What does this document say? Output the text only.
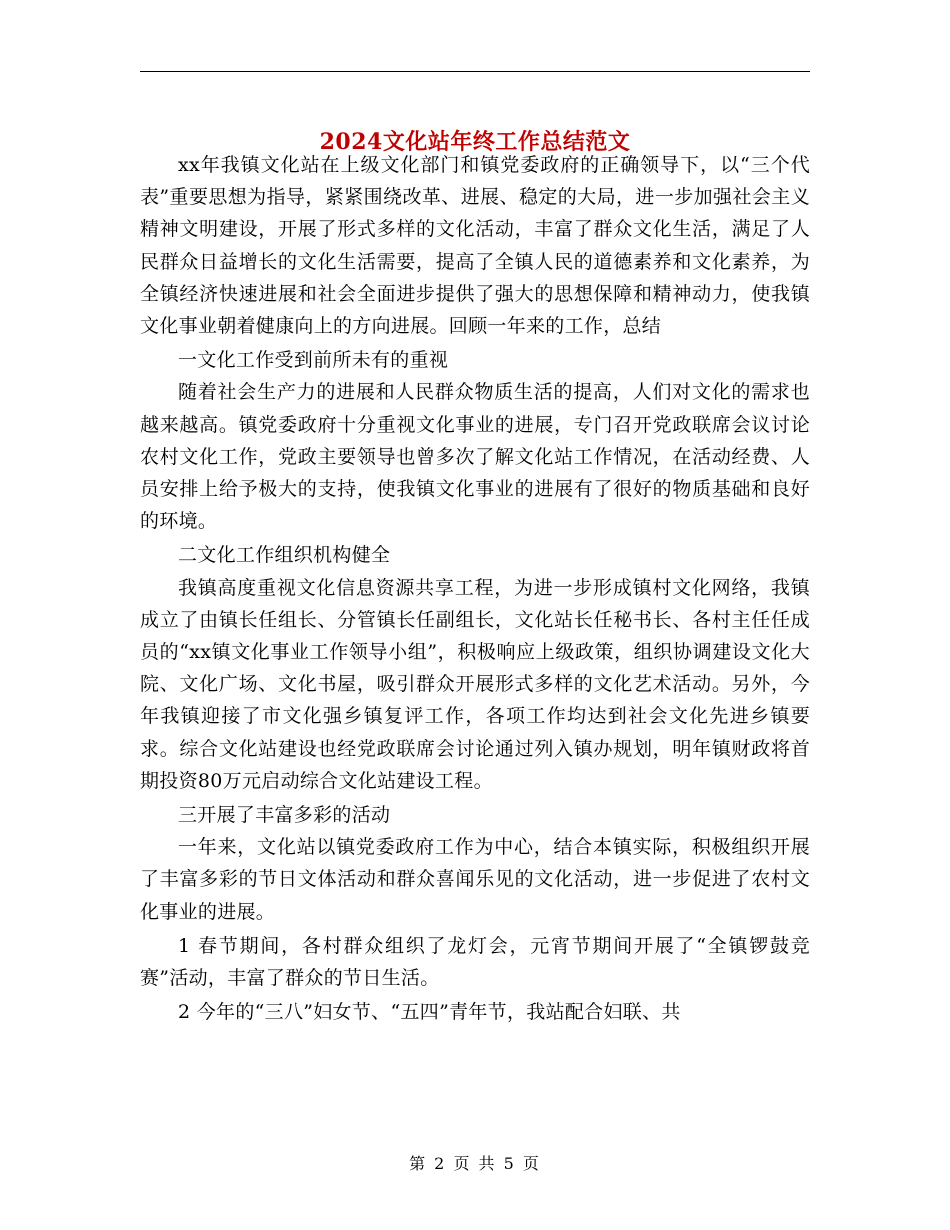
2024文化站年终工作总结范文

xx年我镇文化站在上级文化部门和镇党委政府的正确领导下，以“三个代表”重要思想为指导，紧紧围绕改革、进展、稳定的大局，进一步加强社会主义精神文明建设，开展了形式多样的文化活动，丰富了群众文化生活，满足了人民群众日益增长的文化生活需要，提高了全镇人民的道德素养和文化素养，为全镇经济快速进展和社会全面进步提供了强大的思想保障和精神动力，使我镇文化事业朝着健康向上的方向进展。回顾一年来的工作，总结

一文化工作受到前所未有的重视

随着社会生产力的进展和人民群众物质生活的提高，人们对文化的需求也越来越高。镇党委政府十分重视文化事业的进展，专门召开党政联席会议讨论农村文化工作，党政主要领导也曾多次了解文化站工作情况，在活动经费、人员安排上给予极大的支持，使我镇文化事业的进展有了很好的物质基础和良好的环境。

二文化工作组织机构健全

我镇高度重视文化信息资源共享工程，为进一步形成镇村文化网络，我镇成立了由镇长任组长、分管镇长任副组长，文化站长任秘书长、各村主任任成员的“xx镇文化事业工作领导小组”，积极响应上级政策，组织协调建设文化大院、文化广场、文化书屋，吸引群众开展形式多样的文化艺术活动。另外，今年我镇迎接了市文化强乡镇复评工作，各项工作均达到社会文化先进乡镇要求。综合文化站建设也经党政联席会讨论通过列入镇办规划，明年镇财政将首期投资80万元启动综合文化站建设工程。

三开展了丰富多彩的活动

一年来，文化站以镇党委政府工作为中心，结合本镇实际，积极组织开展了丰富多彩的节日文体活动和群众喜闻乐见的文化活动，进一步促进了农村文化事业的进展。

1 春节期间，各村群众组织了龙灯会，元宵节期间开展了“全镇锣鼓竞赛”活动，丰富了群众的节日生活。

2 今年的“三八”妇女节、“五四”青年节，我站配合妇联、共

第 2 页 共 5 页
